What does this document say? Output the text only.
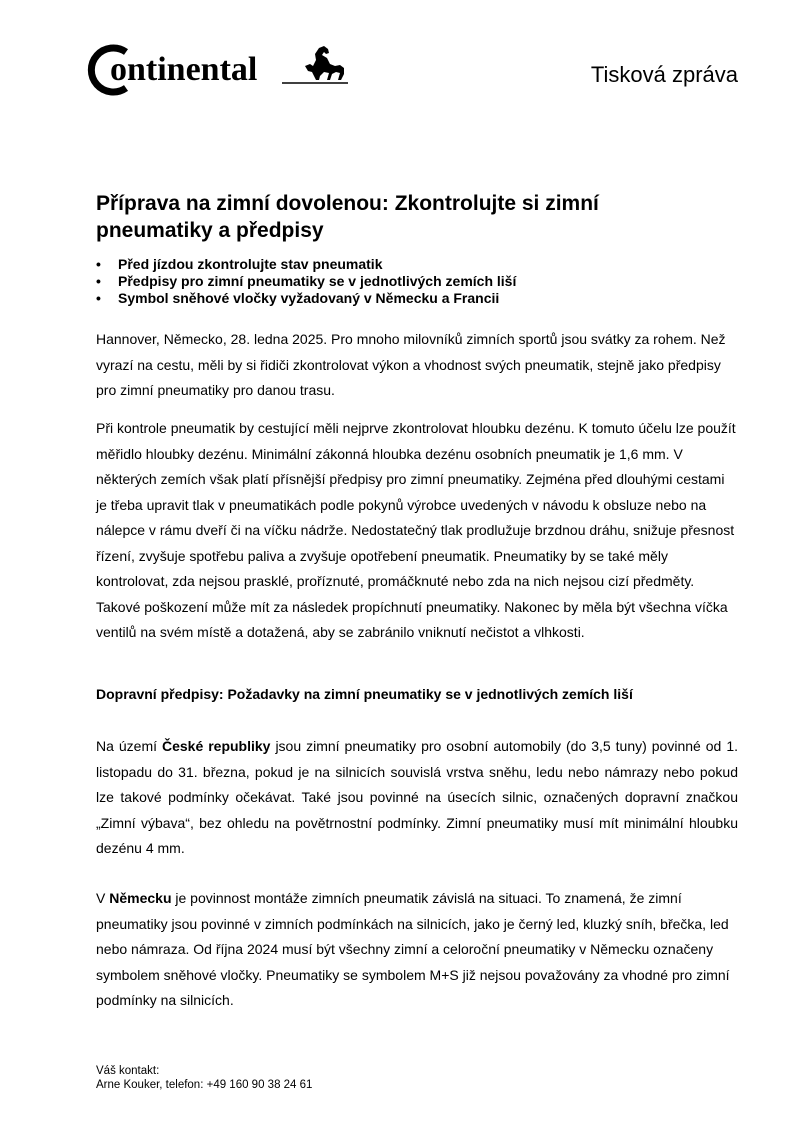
ontinental	Tisková zpráva
Příprava na zimní dovolenou: Zkontrolujte si zimní pneumatiky a předpisy
• Před jízdou zkontrolujte stav pneumatik
• Předpisy pro zimní pneumatiky se v jednotlivých zemích liší
• Symbol sněhové vločky vyžadovaný v Německu a Francii

Hannover, Německo, 28. ledna 2025. Pro mnoho milovníků zimních sportů jsou svátky za rohem. Než vyrazí na cestu, měli by si řidiči zkontrolovat výkon a vhodnost svých pneumatik, stejně jako předpisy pro zimní pneumatiky pro danou trasu.

Při kontrole pneumatik by cestující měli nejprve zkontrolovat hloubku dezénu. K tomuto účelu lze použít měřidlo hloubky dezénu. Minimální zákonná hloubka dezénu osobních pneumatik je 1,6 mm. V některých zemích však platí přísnější předpisy pro zimní pneumatiky. Zejména před dlouhými cestami je třeba upravit tlak v pneumatikách podle pokynů výrobce uvedených v návodu k obsluze nebo na nálepce v rámu dveří či na víčku nádrže. Nedostatečný tlak prodlužuje brzdnou dráhu, snižuje přesnost řízení, zvyšuje spotřebu paliva a zvyšuje opotřebení pneumatik. Pneumatiky by se také měly kontrolovat, zda nejsou prasklé, proříznuté, promáčknuté nebo zda na nich nejsou cizí předměty. Takové poškození může mít za následek propíchnutí pneumatiky. Nakonec by měla být všechna víčka ventilů na svém místě a dotažená, aby se zabránilo vniknutí nečistot a vlhkosti.

Dopravní předpisy: Požadavky na zimní pneumatiky se v jednotlivých zemích liší

Na území České republiky jsou zimní pneumatiky pro osobní automobily (do 3,5 tuny) povinné od 1. listopadu do 31. března, pokud je na silnicích souvislá vrstva sněhu, ledu nebo námrazy nebo pokud lze takové podmínky očekávat. Také jsou povinné na úsecích silnic, označených dopravní značkou „Zimní výbava“, bez ohledu na povětrnostní podmínky. Zimní pneumatiky musí mít minimální hloubku dezénu 4 mm.

V Německu je povinnost montáže zimních pneumatik závislá na situaci. To znamená, že zimní pneumatiky jsou povinné v zimních podmínkách na silnicích, jako je černý led, kluzký sníh, břečka, led nebo námraza. Od října 2024 musí být všechny zimní a celoroční pneumatiky v Německu označeny symbolem sněhové vločky. Pneumatiky se symbolem M+S již nejsou považovány za vhodné pro zimní podmínky na silnicích.

Váš kontakt:
Arne Kouker, telefon: +49 160 90 38 24 61
